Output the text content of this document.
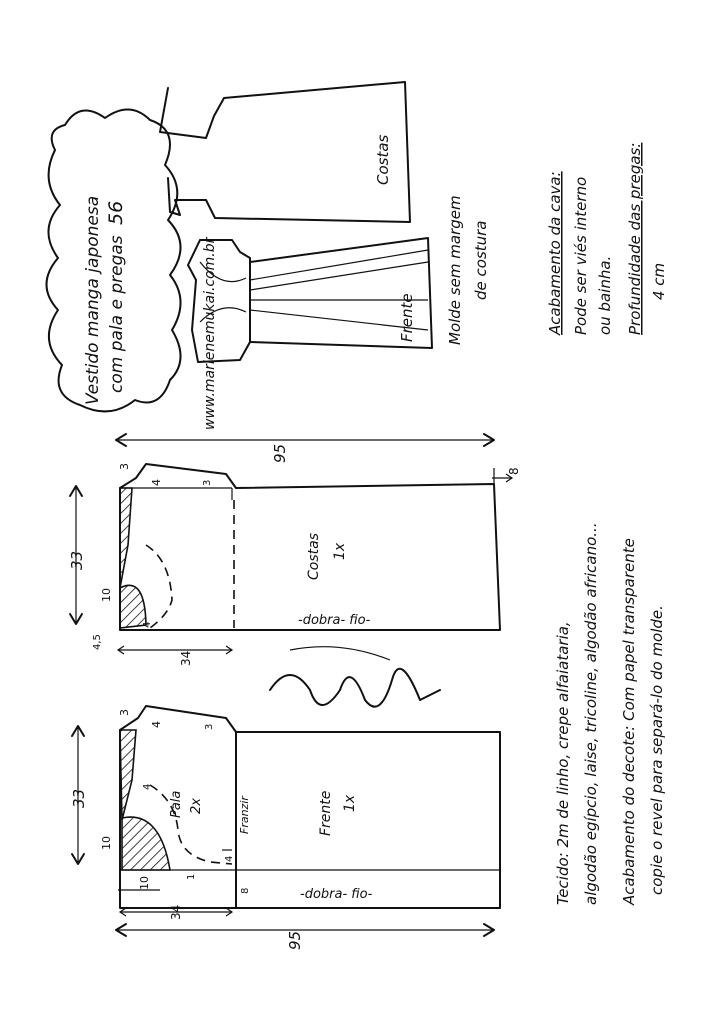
Vestido manga japonesa com pala e pregas
56
www.marlenemukai.com.br
Costas
Frente Molde sem margem de costura	Acabamento da cava: Pode ser viés interno ou bainha. Profundidade das pregas: 4 cm
95
8
33
34
10
4,5
3
4	3
4
Costas 1x
-dobra- fio-
33
10
34
95
10
3
4	3
4
1
8
4
Pala 2x	Franzir	Frente 1x
-dobra- fio-	Tecido: 2m de linho, crepe alfaiataria, algodão egípcio, laise, tricoline, algodão africano... Acabamento do decote: Com papel transparente copie o revel para separá-lo do molde.
